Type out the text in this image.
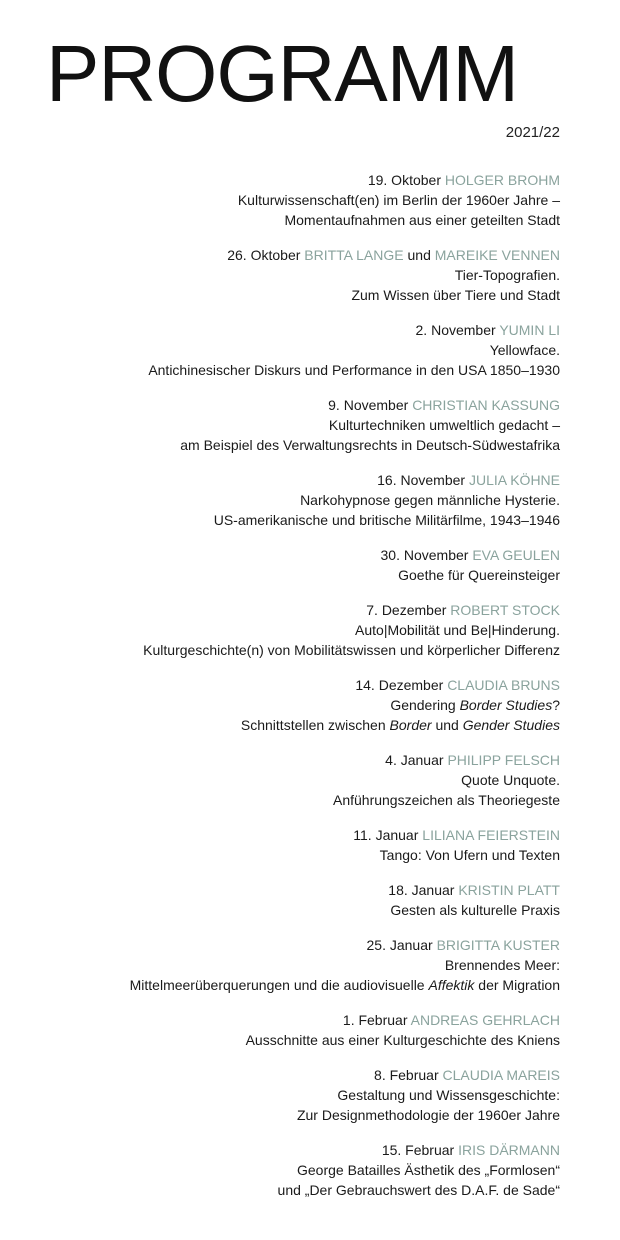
PROGRAMM
2021/22
19. Oktober HOLGER BROHM
Kulturwissenschaft(en) im Berlin der 1960er Jahre –
Momentaufnahmen aus einer geteilten Stadt
26. Oktober BRITTA LANGE und MAREIKE VENNEN
Tier-Topografien.
Zum Wissen über Tiere und Stadt
2. November YUMIN LI
Yellowface.
Antichinesischer Diskurs und Performance in den USA 1850–1930
9. November CHRISTIAN KASSUNG
Kulturtechniken umweltlich gedacht –
am Beispiel des Verwaltungsrechts in Deutsch-Südwestafrika
16. November JULIA KÖHNE
Narkohypnose gegen männliche Hysterie.
US-amerikanische und britische Militärfilme, 1943–1946
30. November EVA GEULEN
Goethe für Quereinsteiger
7. Dezember ROBERT STOCK
Auto|Mobilität und Be|Hinderung.
Kulturgeschichte(n) von Mobilitätswissen und körperlicher Differenz
14. Dezember CLAUDIA BRUNS
Gendering Border Studies?
Schnittstellen zwischen Border und Gender Studies
4. Januar PHILIPP FELSCH
Quote Unquote.
Anführungszeichen als Theoriegeste
11. Januar LILIANA FEIERSTEIN
Tango: Von Ufern und Texten
18. Januar KRISTIN PLATT
Gesten als kulturelle Praxis
25. Januar BRIGITTA KUSTER
Brennendes Meer:
Mittelmeerüberquerungen und die audiovisuelle Affektik der Migration
1. Februar ANDREAS GEHRLACH
Ausschnitte aus einer Kulturgeschichte des Kniens
8. Februar CLAUDIA MAREIS
Gestaltung und Wissensgeschichte:
Zur Designmethodologie der 1960er Jahre
15. Februar IRIS DÄRMANN
George Batailles Ästhetik des „Formlosen“
und „Der Gebrauchswert des D.A.F. de Sade“
